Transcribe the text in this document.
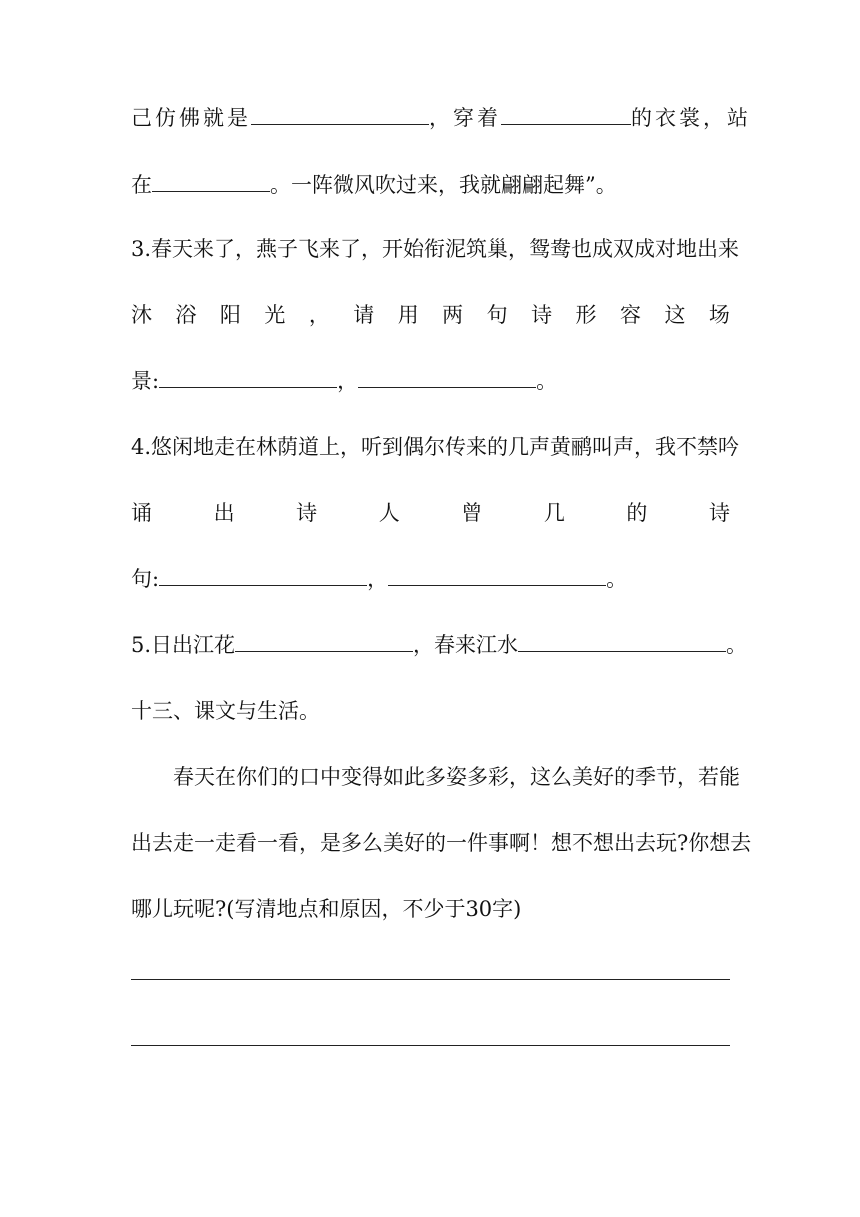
己仿佛就是	，穿着	的衣裳，站
在	。一阵微风吹过来，我就翩翩起舞”。
3.春天来了，燕子飞来了，开始衔泥筑巢，鸳鸯也成双成对地出来
沐 浴 阳 光 ， 请 用 两 句 诗 形 容 这 场
景:	，	。
4.悠闲地走在林荫道上，听到偶尔传来的几声黄鹂叫声，我不禁吟
诵	出	诗	人	曾	几	的	诗
句:	，	。
5.日出江花	，春来江水	。
十三、课文与生活。
春天在你们的口中变得如此多姿多彩，这么美好的季节，若能
出去走一走看一看，是多么美好的一件事啊！想不想出去玩?你想去
哪儿玩呢?(写清地点和原因，不少于30字)
